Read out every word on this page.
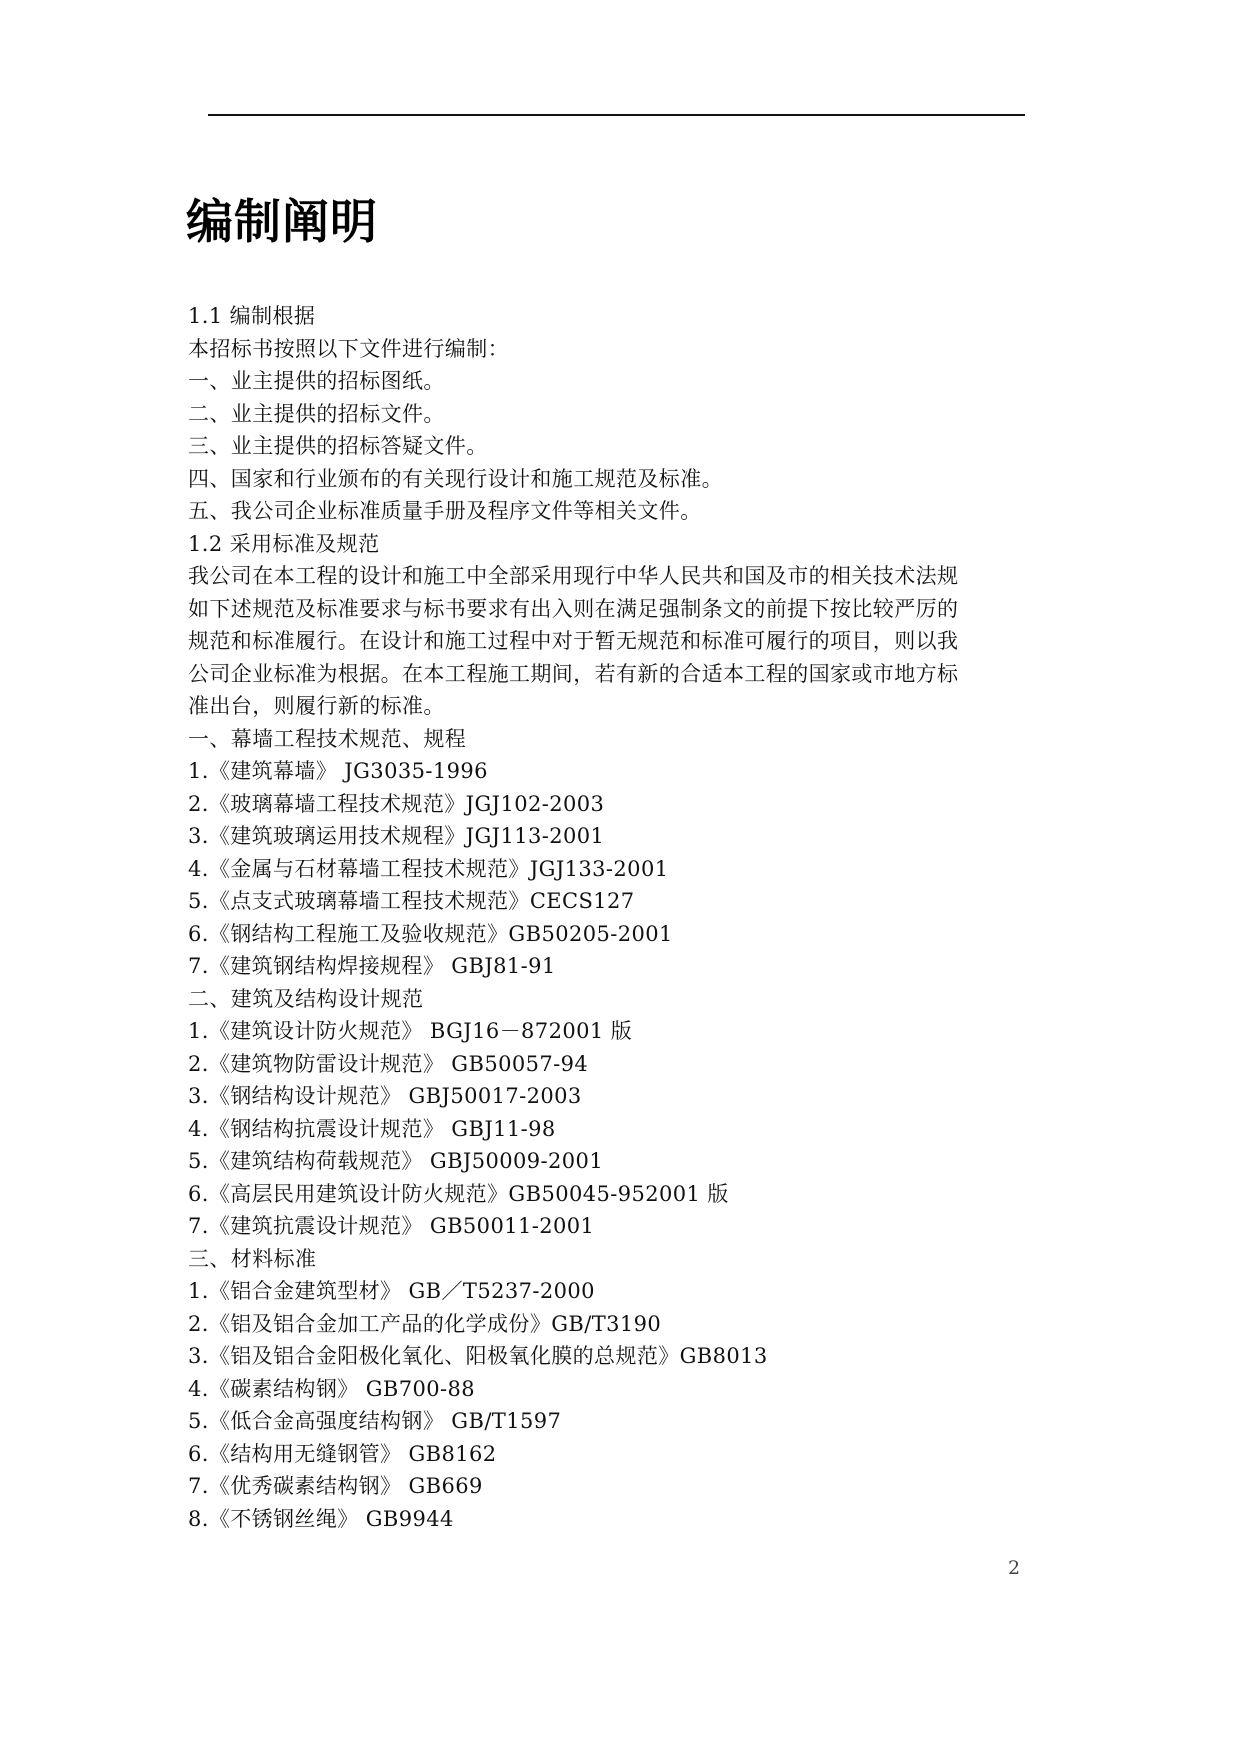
编制阐明
1.1 编制根据
本招标书按照以下文件进行编制：
一、业主提供的招标图纸。
二、业主提供的招标文件。
三、业主提供的招标答疑文件。
四、国家和行业颁布的有关现行设计和施工规范及标准。
五、我公司企业标准质量手册及程序文件等相关文件。
1.2 采用标准及规范
我公司在本工程的设计和施工中全部采用现行中华人民共和国及市的相关技术法规
如下述规范及标准要求与标书要求有出入则在满足强制条文的前提下按比较严厉的
规范和标准履行。在设计和施工过程中对于暂无规范和标准可履行的项目，则以我
公司企业标准为根据。在本工程施工期间，若有新的合适本工程的国家或市地方标
准出台，则履行新的标准。
一、幕墙工程技术规范、规程
1.《建筑幕墙》 JG3035-1996
2.《玻璃幕墙工程技术规范》JGJ102-2003
3.《建筑玻璃运用技术规程》JGJ113-2001
4.《金属与石材幕墙工程技术规范》JGJ133-2001
5.《点支式玻璃幕墙工程技术规范》CECS127
6.《钢结构工程施工及验收规范》GB50205-2001
7.《建筑钢结构焊接规程》 GBJ81-91
二、建筑及结构设计规范
1.《建筑设计防火规范》 BGJ16－872001 版
2.《建筑物防雷设计规范》 GB50057-94
3.《钢结构设计规范》 GBJ50017-2003
4.《钢结构抗震设计规范》 GBJ11-98
5.《建筑结构荷载规范》 GBJ50009-2001
6.《高层民用建筑设计防火规范》GB50045-952001 版
7.《建筑抗震设计规范》 GB50011-2001
三、材料标准
1.《铝合金建筑型材》 GB／T5237-2000
2.《铝及铝合金加工产品的化学成份》GB/T3190
3.《铝及铝合金阳极化氧化、阳极氧化膜的总规范》GB8013
4.《碳素结构钢》 GB700-88
5.《低合金高强度结构钢》 GB/T1597
6.《结构用无缝钢管》 GB8162
7.《优秀碳素结构钢》 GB669
8.《不锈钢丝绳》 GB9944
2
